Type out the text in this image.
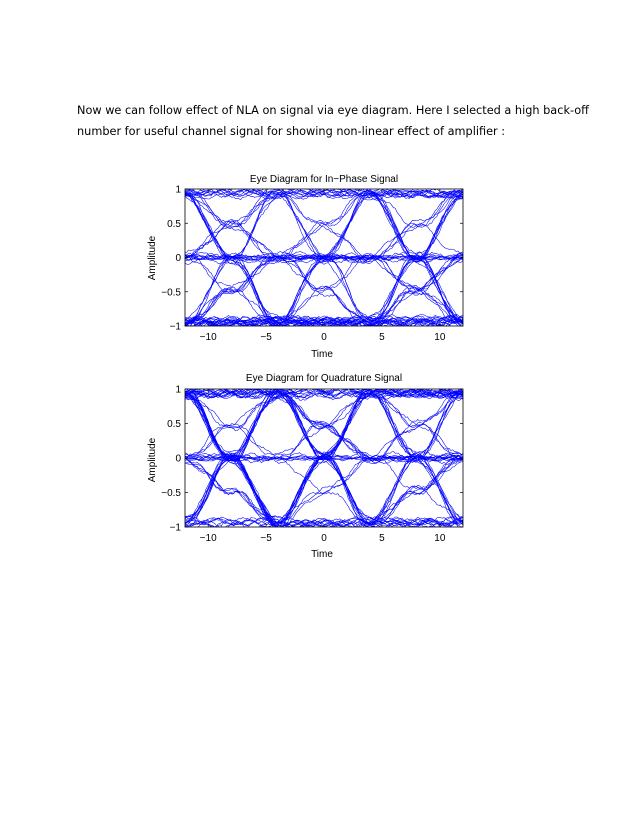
Now we can follow effect of NLA on signal via eye diagram. Here I selected a high back-off
number for useful channel signal for showing non-linear effect of amplifier :

Eye Diagram for In−Phase Signal
−10	−5	0	5	10
−1
−0.5
0
0.5
1
Time
Amplitude
Eye Diagram for Quadrature Signal
−10	−5	0	5	10
−1
−0.5
0
0.5
1
Time
Amplitude
